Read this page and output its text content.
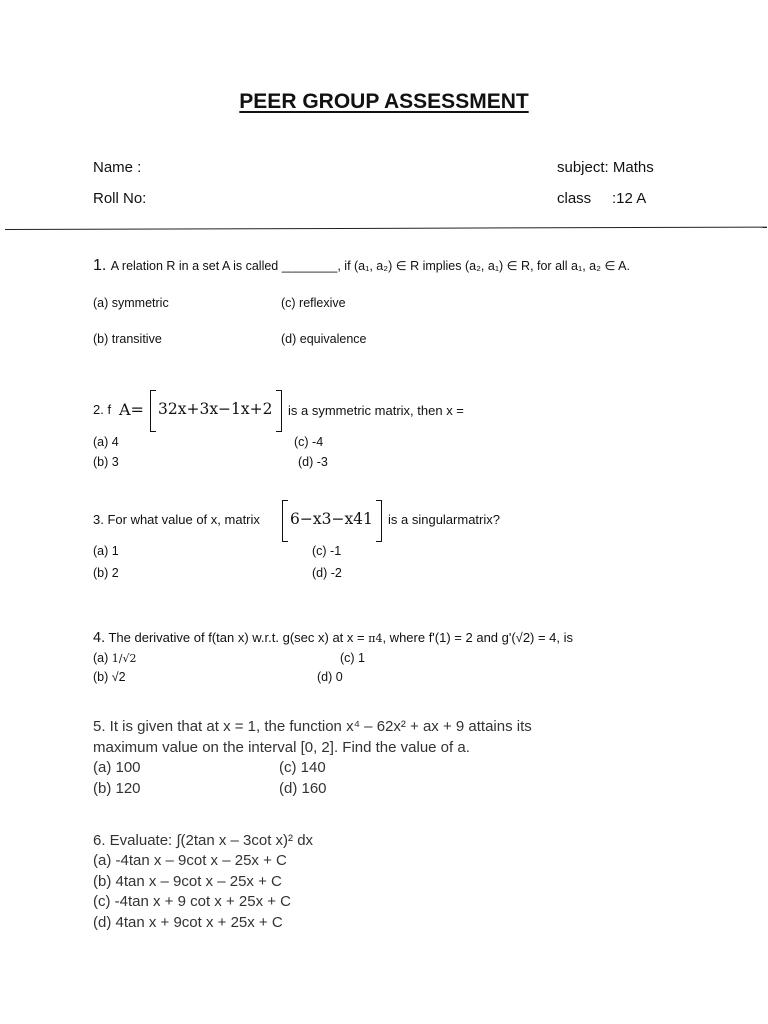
PEER GROUP ASSESSMENT
Name :
Roll No:
subject: Maths
class :12 A
1. A relation R in a set A is called ________, if (a₁, a₂) ∈ R implies (a₂, a₁) ∈ R, for all a₁, a₂ ∈ A.
(a) symmetric	(c) reflexive
(b) transitive	(d) equivalence
2. f A= 32x+3x−1x+2 is a symmetric matrix, then x =
(a) 4	(c) -4
(b) 3	(d) -3
3. For what value of x, matrix 6−x3−x41 is a singularmatrix?
(a) 1	(c) -1
(b) 2	(d) -2
4. The derivative of f(tan x) w.r.t. g(sec x) at x = π4, where f'(1) = 2 and g'(√2) = 4, is
(a) 1/√2	(c) 1
(b) √2	(d) 0
5. It is given that at x = 1, the function x⁴ – 62x² + ax + 9 attains its
maximum value on the interval [0, 2]. Find the value of a.
(a) 100	(c) 140
(b) 120	(d) 160
6. Evaluate: ∫(2tan x – 3cot x)² dx
(a) -4tan x – 9cot x – 25x + C
(b) 4tan x – 9cot x – 25x + C
(c) -4tan x + 9 cot x + 25x + C
(d) 4tan x + 9cot x + 25x + C
